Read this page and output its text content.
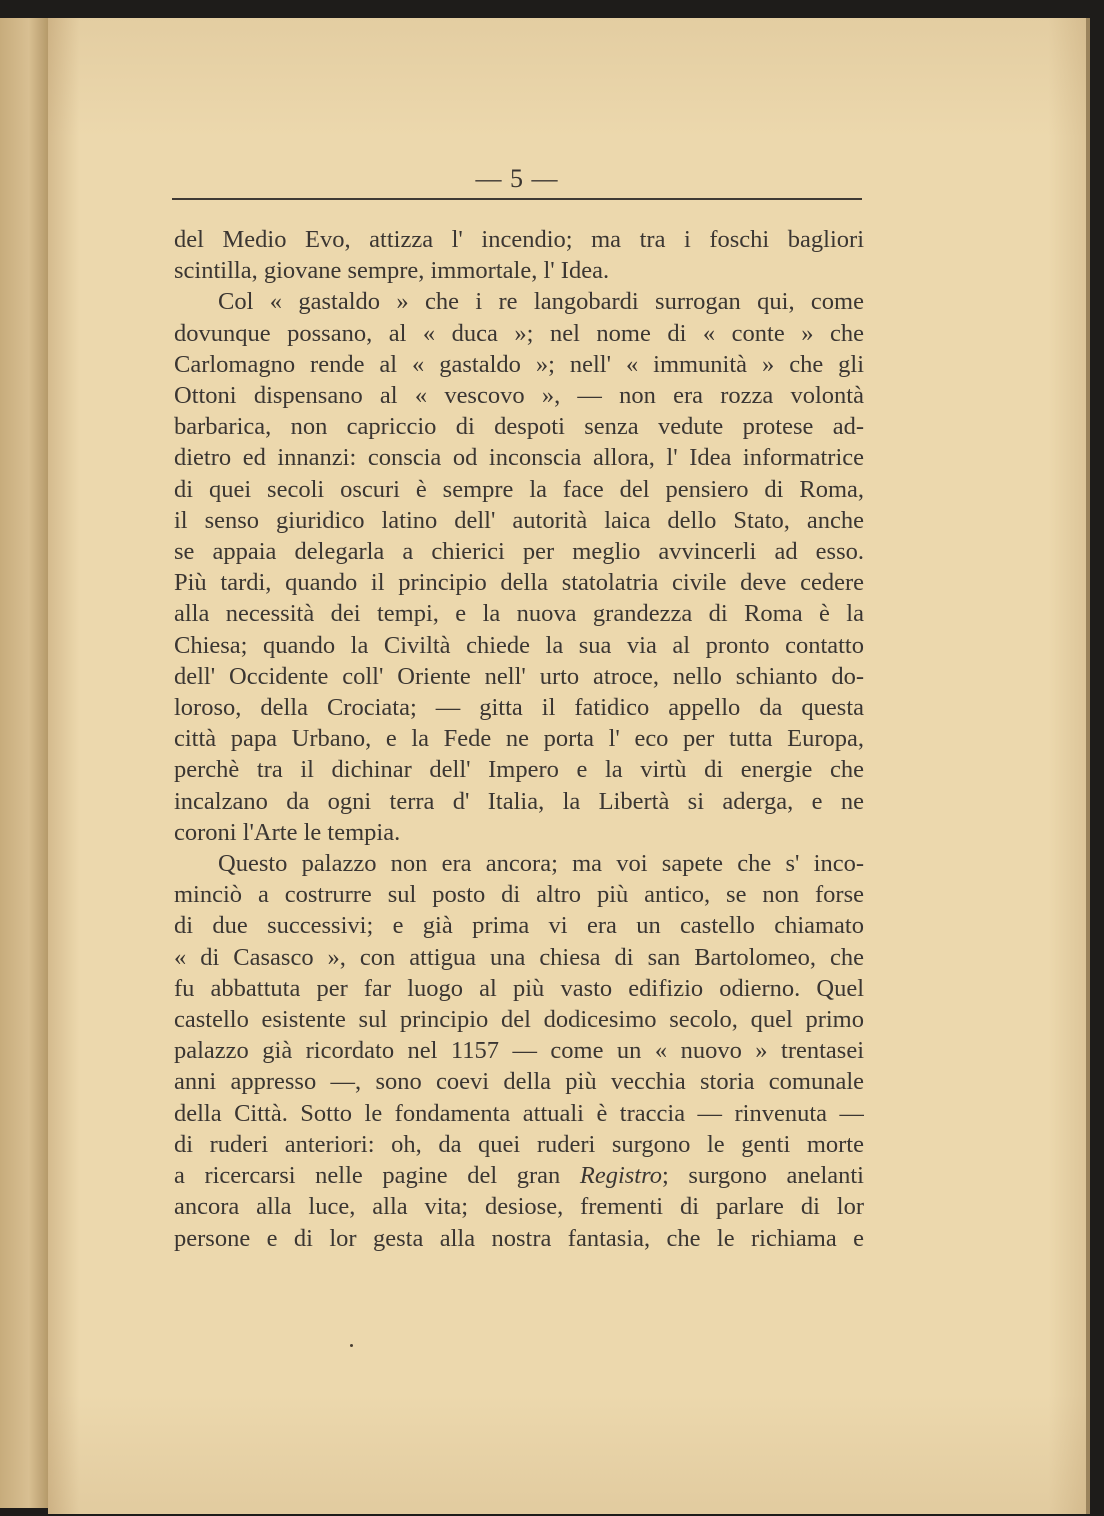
— 5 —

del Medio Evo, attizza l' incendio; ma tra i foschi bagliori
scintilla, giovane sempre, immortale, l' Idea.

Col « gastaldo » che i re langobardi surrogan qui, come
dovunque possano, al « duca »; nel nome di « conte » che
Carlomagno rende al « gastaldo »; nell' « immunità » che gli
Ottoni dispensano al « vescovo », — non era rozza volontà
barbarica, non capriccio di despoti senza vedute protese ad-
dietro ed innanzi: conscia od inconscia allora, l' Idea informatrice
di quei secoli oscuri è sempre la face del pensiero di Roma,
il senso giuridico latino dell' autorità laica dello Stato, anche
se appaia delegarla a chierici per meglio avvincerli ad esso.
Più tardi, quando il principio della statolatria civile deve cedere
alla necessità dei tempi, e la nuova grandezza di Roma è la
Chiesa; quando la Civiltà chiede la sua via al pronto contatto
dell' Occidente coll' Oriente nell' urto atroce, nello schianto do-
loroso, della Crociata; — gitta il fatidico appello da questa
città papa Urbano, e la Fede ne porta l' eco per tutta Europa,
perchè tra il dichinar dell' Impero e la virtù di energie che
incalzano da ogni terra d' Italia, la Libertà si aderga, e ne
coroni l'Arte le tempia.

Questo palazzo non era ancora; ma voi sapete che s' inco-
minciò a costrurre sul posto di altro più antico, se non forse
di due successivi; e già prima vi era un castello chiamato
« di Casasco », con attigua una chiesa di san Bartolomeo, che
fu abbattuta per far luogo al più vasto edifizio odierno. Quel
castello esistente sul principio del dodicesimo secolo, quel primo
palazzo già ricordato nel 1157 — come un « nuovo » trentasei
anni appresso —, sono coevi della più vecchia storia comunale
della Città. Sotto le fondamenta attuali è traccia — rinvenuta —
di ruderi anteriori: oh, da quei ruderi surgono le genti morte
a ricercarsi nelle pagine del gran Registro; surgono anelanti
ancora alla luce, alla vita; desiose, frementi di parlare di lor
persone e di lor gesta alla nostra fantasia, che le richiama e
